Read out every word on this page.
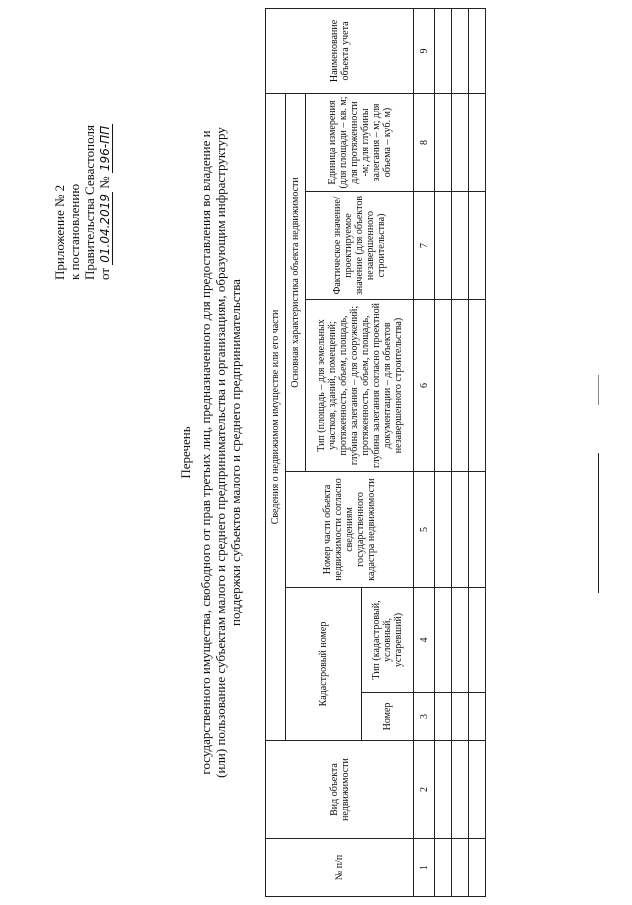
Приложение № 2 к постановлению Правительства Севастополя от 01.04.2019 № 196-ПП
Перечень государственного имущества, свободного от прав третьих лиц, предназначенного для предоставления во владение и (или) пользование субъектам малого и среднего предпринимательства и организациям, образующим инфраструктуру поддержки субъектов малого и среднего предпринимательства
№ п/п	Вид объекта недвижимости	Сведения о недвижимом имуществе или его части						Наименование объекта учета
		Кадастровый номер		Номер части объекта недвижимости согласно сведениям государственного кадастра недвижимости	Основная характеристика объекта недвижимости			
					Тип (площадь – для земельных участков, зданий, помещений; протяженность, объем, площадь, глубина залегания – для сооружений; протяженность, объем, площадь, глубина залегания согласно проектной документации – для объектов незавершенного строительства)	Фактическое значение/ проектируемое значение (для объектов незавершенного строительства)	Единица измерения (для площади – кв. м; для протяженности -м; для глубины залегания – м; для объема – куб. м)	
		Номер	Тип (кадастровый, условный, устаревший)					
1	2	3	4	5	6	7	8	9
